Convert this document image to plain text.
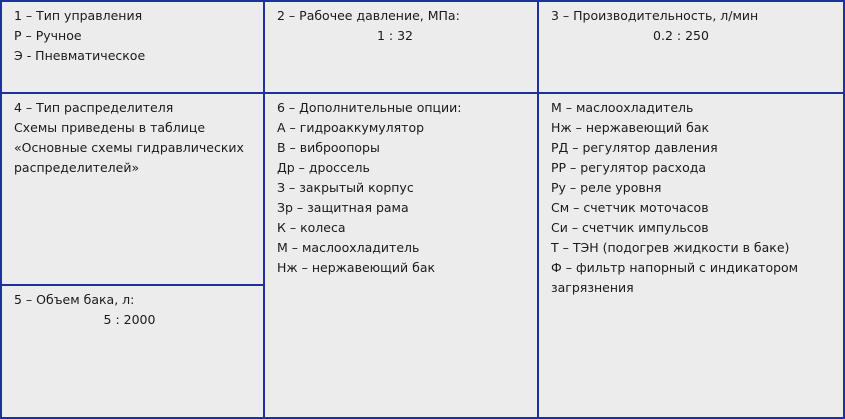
1 – Тип управления
Р – Ручное
Э - Пневматическое
2 – Рабочее давление, МПа:
1 : 32
3 – Производительность, л/мин
0.2 : 250
4 – Тип распределителя
Схемы приведены в таблице
«Основные схемы гидравлических распределителей»
5 – Объем бака, л:
5 : 2000
6 – Дополнительные опции:
А – гидроаккумулятор
В – виброопоры
Др – дроссель
З – закрытый корпус
Зр – защитная рама
К – колеса
М – маслоохладитель
Нж – нержавеющий бак
М – маслоохладитель
Нж – нержавеющий бак
РД – регулятор давления
РР – регулятор расхода
Ру – реле уровня
См – счетчик моточасов
Си – счетчик импульсов
Т – ТЭН (подогрев жидкости в баке)
Ф – фильтр напорный с индикатором загрязнения
